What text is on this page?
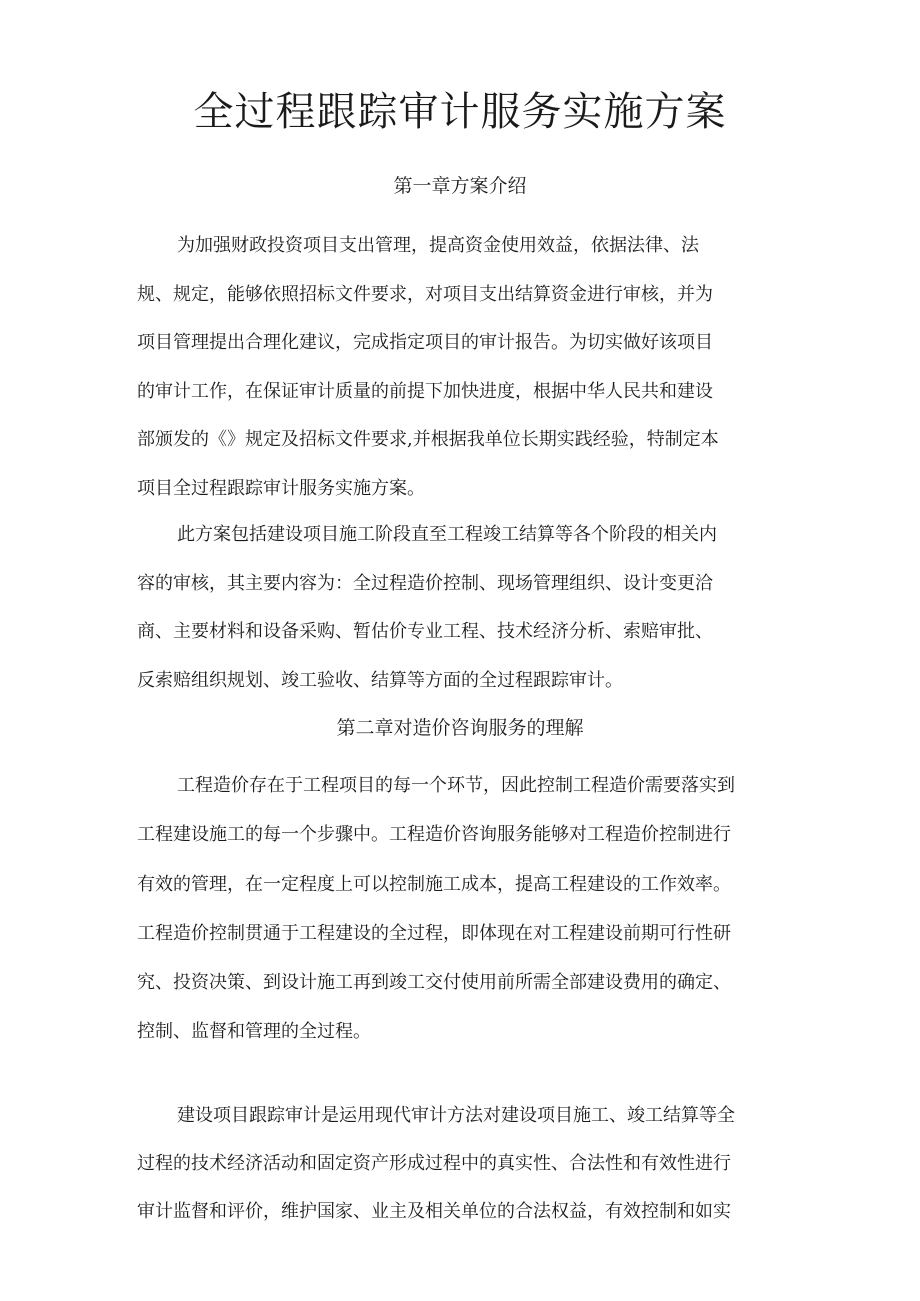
全过程跟踪审计服务实施方案
第一章方案介绍

为加强财政投资项目支出管理，提高资金使用效益，依据法律、法
规、规定，能够依照招标文件要求，对项目支出结算资金进行审核，并为
项目管理提出合理化建议，完成指定项目的审计报告。为切实做好该项目
的审计工作，在保证审计质量的前提下加快进度，根据中华人民共和建设
部颁发的《》规定及招标文件要求,并根据我单位长期实践经验，特制定本
项目全过程跟踪审计服务实施方案。

此方案包括建设项目施工阶段直至工程竣工结算等各个阶段的相关内
容的审核，其主要内容为：全过程造价控制、现场管理组织、设计变更洽
商、主要材料和设备采购、暂估价专业工程、技术经济分析、索赔审批、
反索赔组织规划、竣工验收、结算等方面的全过程跟踪审计。

第二章对造价咨询服务的理解

工程造价存在于工程项目的每一个环节，因此控制工程造价需要落实到
工程建设施工的每一个步骤中。工程造价咨询服务能够对工程造价控制进行
有效的管理，在一定程度上可以控制施工成本，提高工程建设的工作效率。
工程造价控制贯通于工程建设的全过程，即体现在对工程建设前期可行性研
究、投资决策、到设计施工再到竣工交付使用前所需全部建设费用的确定、
控制、监督和管理的全过程。

建设项目跟踪审计是运用现代审计方法对建设项目施工、竣工结算等全
过程的技术经济活动和固定资产形成过程中的真实性、合法性和有效性进行
审计监督和评价，维护国家、业主及相关单位的合法权益，有效控制和如实
